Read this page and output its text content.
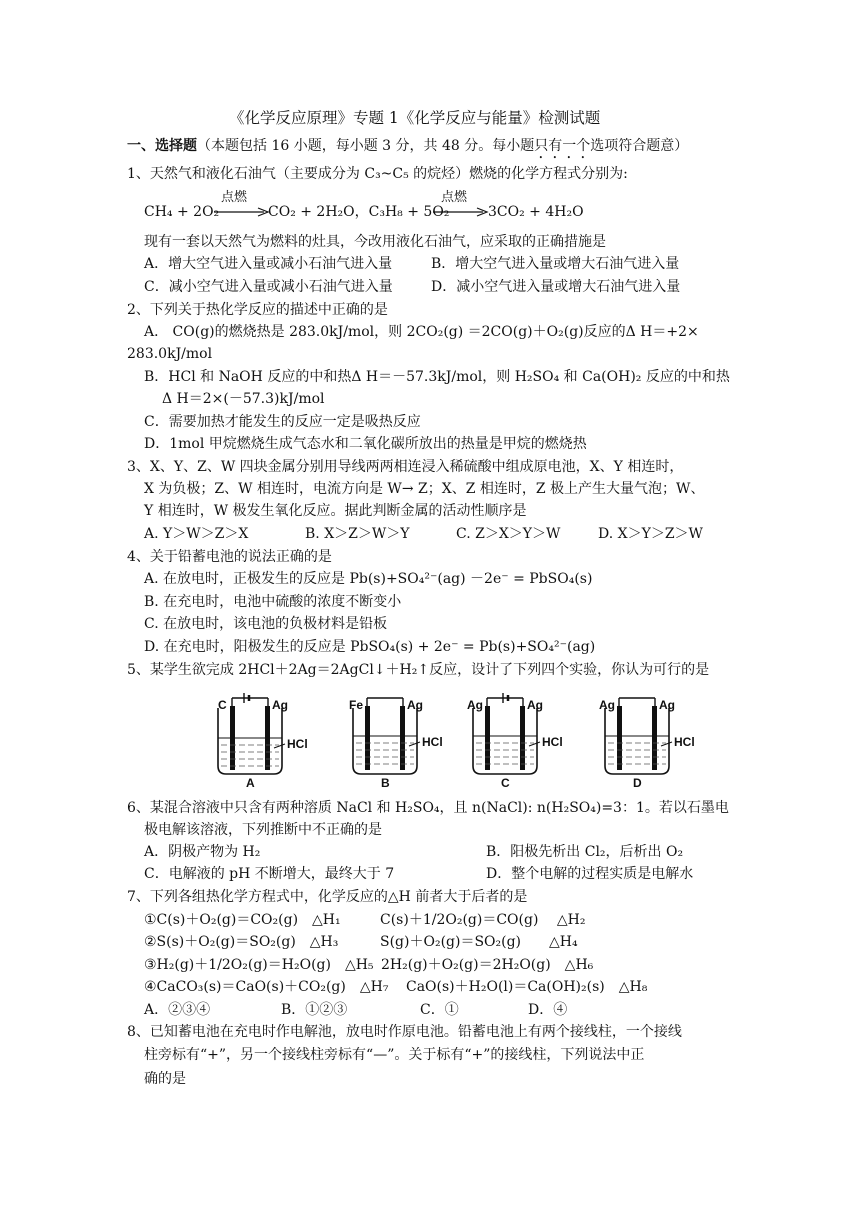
《化学反应原理》专题 1《化学反应与能量》检测试题
一、选择题（本题包括 16 小题，每小题 3 分，共 48 分。每小题只有一个选项符合题意）
1、天然气和液化石油气（主要成分为 C₃~C₅ 的烷烃）燃烧的化学方程式分别为:
CH₄ + 2O₂
点燃
CO₂ + 2H₂O，C₃H₈ + 5O₂
点燃
→ 3CO₂ + 4H₂O
现有一套以天然气为燃料的灶具，今改用液化石油气，应采取的正确措施是
A．增大空气进入量或减小石油气进入量	B．增大空气进入量或增大石油气进入量
C．减小空气进入量或减小石油气进入量	D．减小空气进入量或增大石油气进入量
2、下列关于热化学反应的描述中正确的是
A． CO(g)的燃烧热是 283.0kJ/mol，则 2CO₂(g) ＝2CO(g)＋O₂(g)反应的Δ H＝+2×
283.0kJ/mol
B．HCl 和 NaOH 反应的中和热Δ H＝－57.3kJ/mol，则 H₂SO₄ 和 Ca(OH)₂ 反应的中和热
Δ H＝2×(－57.3)kJ/mol
C．需要加热才能发生的反应一定是吸热反应
D．1mol 甲烷燃烧生成气态水和二氧化碳所放出的热量是甲烷的燃烧热
3、X、Y、Z、W 四块金属分别用导线两两相连浸入稀硫酸中组成原电池，X、Y 相连时，
X 为负极；Z、W 相连时，电流方向是 W→ Z；X、Z 相连时，Z 极上产生大量气泡；W、
Y 相连时，W 极发生氧化反应。据此判断金属的活动性顺序是
A. Y＞W＞Z＞X	B. X＞Z＞W＞Y	C. Z＞X＞Y＞W	D. X＞Y＞Z＞W
4、关于铅蓄电池的说法正确的是
A. 在放电时，正极发生的反应是 Pb(s)+SO₄²⁻(ag) －2e⁻ = PbSO₄(s)
B. 在充电时，电池中硫酸的浓度不断变小
C. 在放电时，该电池的负极材料是铅板
D. 在充电时，阳极发生的反应是 PbSO₄(s) + 2e⁻ = Pb(s)+SO₄²⁻(ag)
5、某学生欲完成 2HCl＋2Ag＝2AgCl↓＋H₂↑反应，设计了下列四个实验，你认为可行的是
C	Ag
HCl
A
Fe	Ag
HCl
B
Ag	Ag
HCl
C
Ag	Ag
HCl
D
6、某混合溶液中只含有两种溶质 NaCl 和 H₂SO₄，且 n(NaCl): n(H₂SO₄)=3：1。若以石墨电
极电解该溶液，下列推断中不正确的是
A．阴极产物为 H₂	B．阳极先析出 Cl₂，后析出 O₂
C．电解液的 pH 不断增大，最终大于 7	D．整个电解的过程实质是电解水
7、下列各组热化学方程式中，化学反应的△H 前者大于后者的是
①C(s)＋O₂(g)＝CO₂(g)　△H₁	C(s)＋1/2O₂(g)＝CO(g)　 △H₂
②S(s)＋O₂(g)＝SO₂(g)　△H₃	S(g)＋O₂(g)＝SO₂(g)　　△H₄
③H₂(g)＋1/2O₂(g)＝H₂O(g)　△H₅ 2H₂(g)＋O₂(g)＝2H₂O(g)　△H₆
④CaCO₃(s)＝CaO(s)＋CO₂(g)　△H₇ CaO(s)＋H₂O(l)＝Ca(OH)₂(s)　△H₈
A．②③④	B．①②③	C．①	D．④
8、已知蓄电池在充电时作电解池，放电时作原电池。铅蓄电池上有两个接线柱，一个接线
柱旁标有“+”，另一个接线柱旁标有“—”。关于标有“+”的接线柱，下列说法中正
确的是
